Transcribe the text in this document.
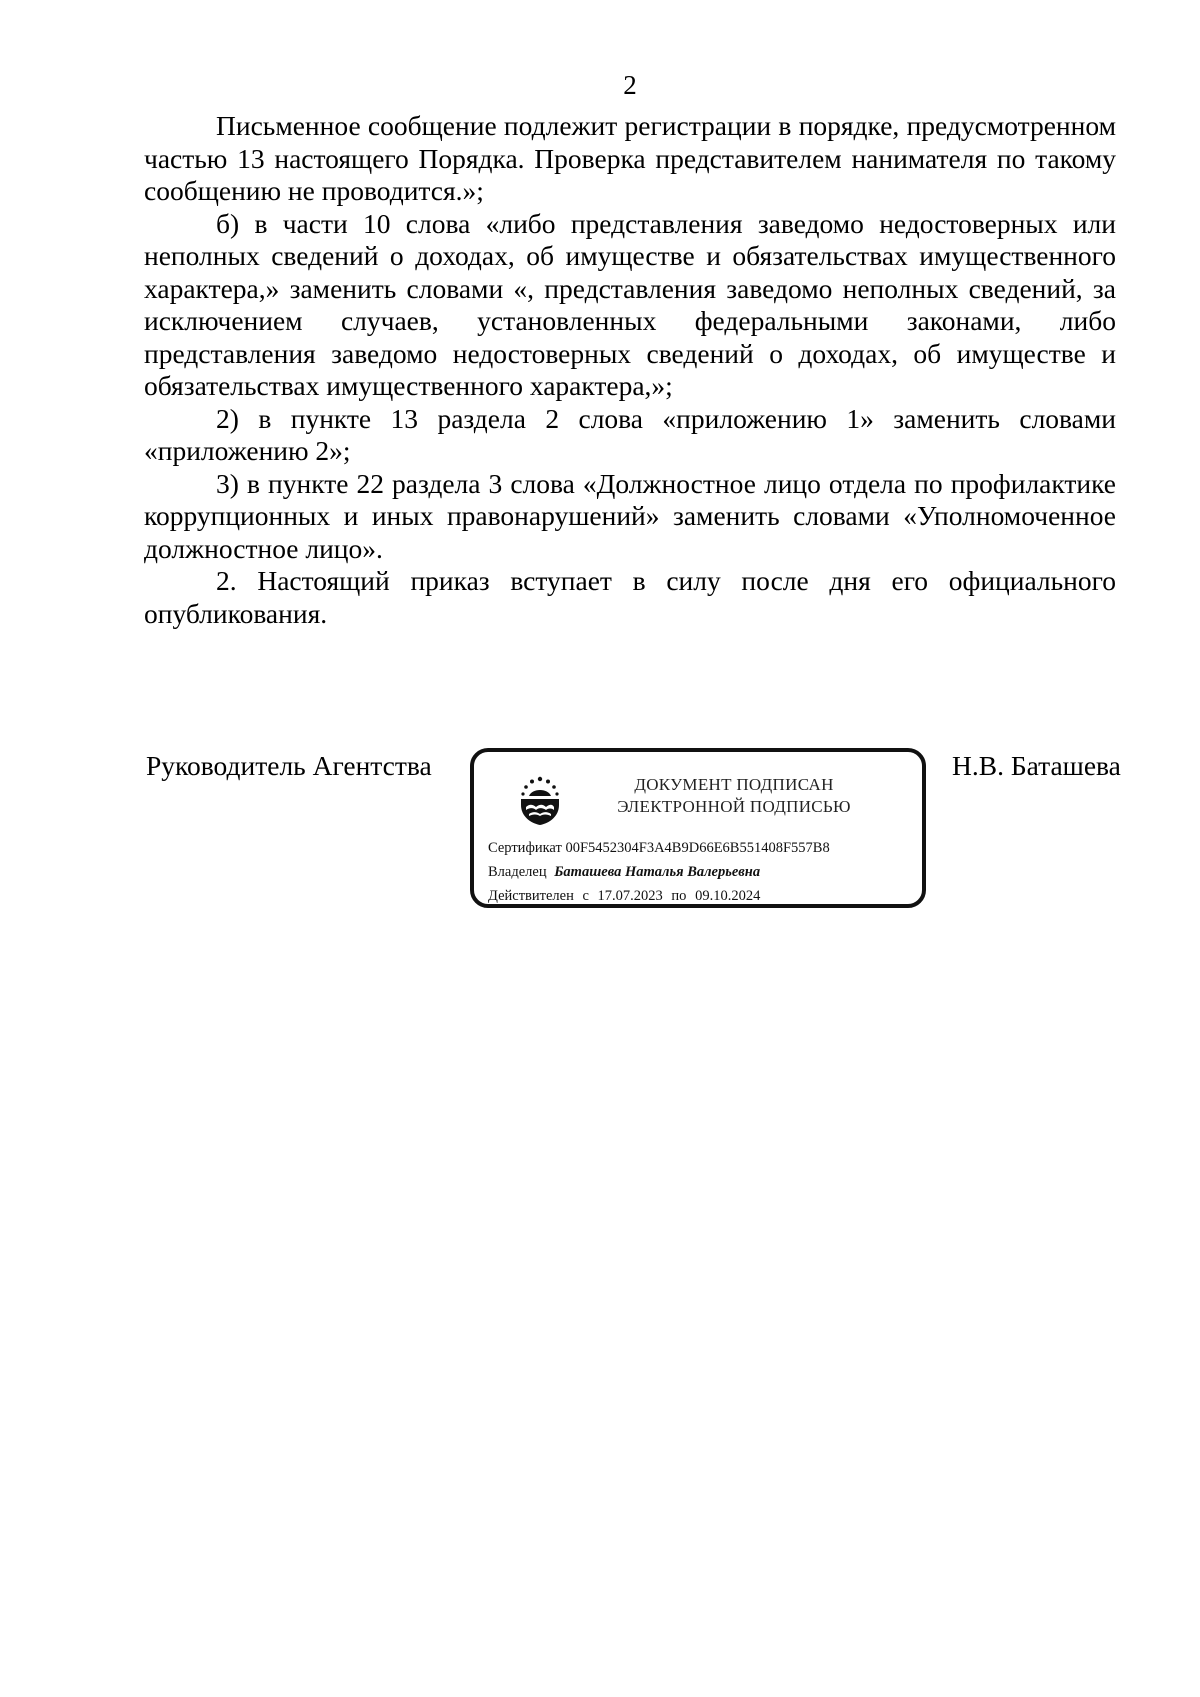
2

Письменное сообщение подлежит регистрации в порядке, предусмотренном частью 13 настоящего Порядка. Проверка представителем нанимателя по такому сообщению не проводится.»;

б) в части 10 слова «либо представления заведомо недостоверных или неполных сведений о доходах, об имуществе и обязательствах имущественного характера,» заменить словами «, представления заведомо неполных сведений, за исключением случаев, установленных федеральными законами, либо представления заведомо недостоверных сведений о доходах, об имуществе и обязательствах имущественного характера,»;

2) в пункте 13 раздела 2 слова «приложению 1» заменить словами «приложению 2»;

3) в пункте 22 раздела 3 слова «Должностное лицо отдела по профилактике коррупционных и иных правонарушений» заменить словами «Уполномоченное должностное лицо».

2. Настоящий приказ вступает в силу после дня его официального опубликования.

Руководитель Агентства
ДОКУМЕНТ ПОДПИСАН
ЭЛЕКТРОННОЙ ПОДПИСЬЮ
Сертификат 00F5452304F3A4B9D66E6B551408F557B8
Владелец Баташева Наталья Валерьевна
Действителен с 17.07.2023 по 09.10.2024
Н.В. Баташева
